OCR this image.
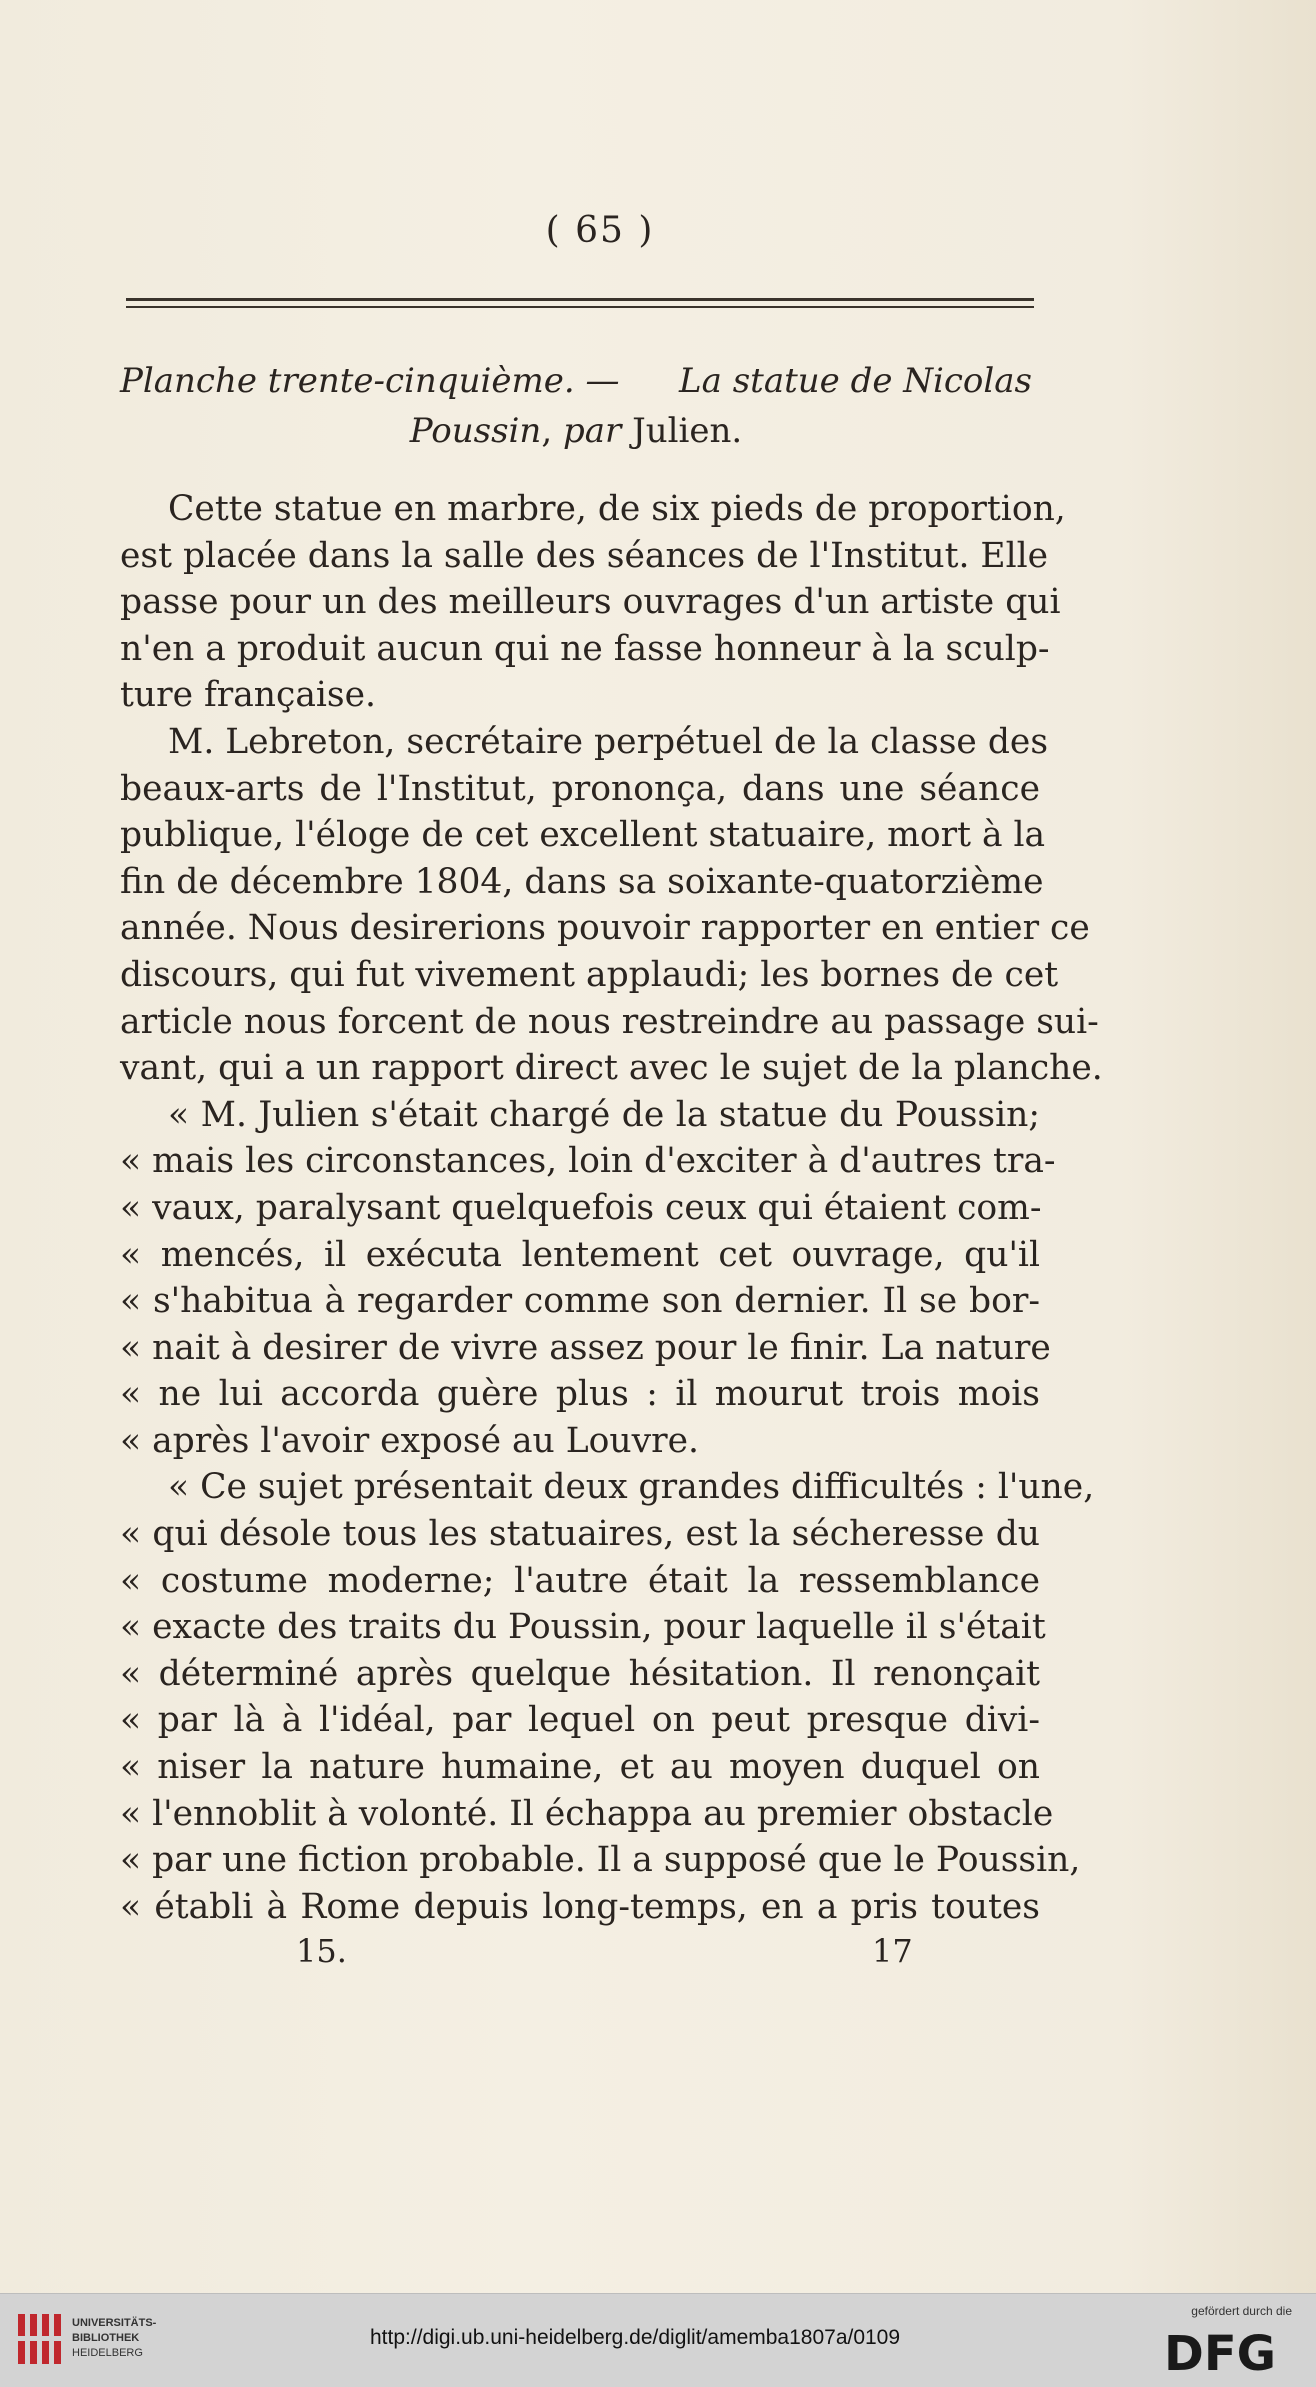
( 65 )
Planche trente-cinquième. — La statue de Nicolas
Poussin, par Julien.
Cette statue en marbre, de six pieds de proportion,
est placée dans la salle des séances de l'Institut. Elle
passe pour un des meilleurs ouvrages d'un artiste qui
n'en a produit aucun qui ne fasse honneur à la sculp-
ture française.
M. Lebreton, secrétaire perpétuel de la classe des
beaux-arts de l'Institut, prononça, dans une séance
publique, l'éloge de cet excellent statuaire, mort à la
fin de décembre 1804, dans sa soixante-quatorzième
année. Nous desirerions pouvoir rapporter en entier ce
discours, qui fut vivement applaudi; les bornes de cet
article nous forcent de nous restreindre au passage sui-
vant, qui a un rapport direct avec le sujet de la planche.
« M. Julien s'était chargé de la statue du Poussin;
« mais les circonstances, loin d'exciter à d'autres tra-
« vaux, paralysant quelquefois ceux qui étaient com-
« mencés, il exécuta lentement cet ouvrage, qu'il
« s'habitua à regarder comme son dernier. Il se bor-
« nait à desirer de vivre assez pour le finir. La nature
« ne lui accorda guère plus : il mourut trois mois
« après l'avoir exposé au Louvre.
« Ce sujet présentait deux grandes difficultés : l'une,
« qui désole tous les statuaires, est la sécheresse du
« costume moderne; l'autre était la ressemblance
« exacte des traits du Poussin, pour laquelle il s'était
« déterminé après quelque hésitation. Il renonçait
« par là à l'idéal, par lequel on peut presque divi-
« niser la nature humaine, et au moyen duquel on
« l'ennoblit à volonté. Il échappa au premier obstacle
« par une fiction probable. Il a supposé que le Poussin,
« établi à Rome depuis long-temps, en a pris toutes
15.	17
UNIVERSITÄTS-
BIBLIOTHEK
HEIDELBERG
http://digi.ub.uni-heidelberg.de/diglit/amemba1807a/0109
gefördert durch die
DFG
